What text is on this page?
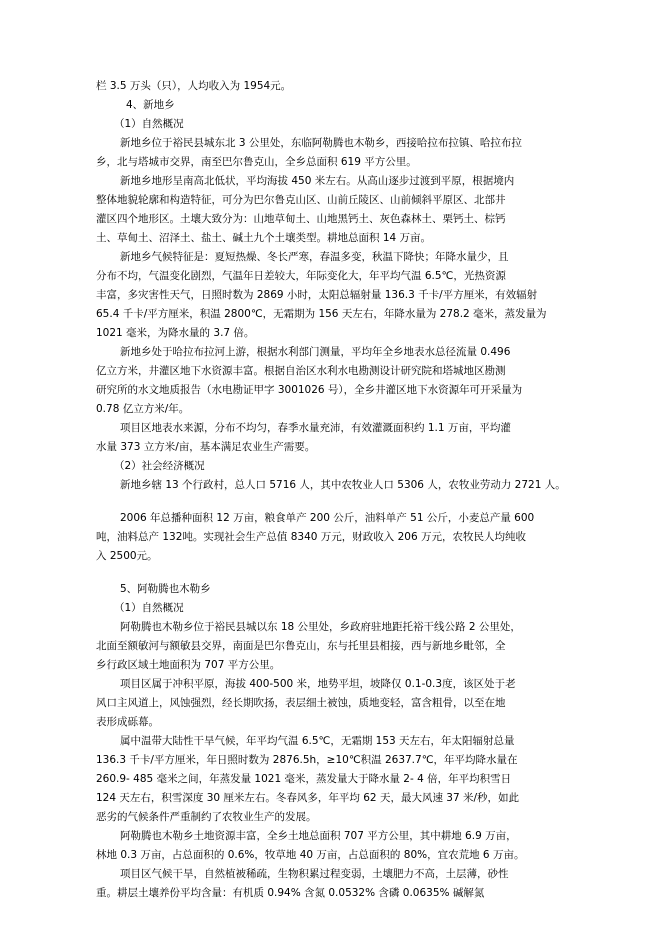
栏 3.5 万头（只），人均收入为 1954元。
4、新地乡
（1）自然概况
新地乡位于裕民县城东北 3 公里处，东临阿勒腾也木勒乡，西接哈拉布拉镇、哈拉布拉
乡，北与塔城市交界，南至巴尔鲁克山，全乡总面积 619 平方公里。
新地乡地形呈南高北低状，平均海拔 450 米左右。从高山逐步过渡到平原，根据境内
整体地貌轮廓和构造特征，可分为巴尔鲁克山区、山前丘陵区、山前倾斜平原区、北部井
灌区四个地形区。土壤大致分为：山地草甸土、山地黑钙土、灰色森林土、栗钙土、棕钙
土、草甸土、沼泽土、盐土、碱土九个土壤类型。耕地总面积 14 万亩。
新地乡气候特征是：夏短热燥、冬长严寒，春温多变，秋温下降快；年降水量少，且
分布不均，气温变化剧烈，气温年日差较大，年际变化大，年平均气温 6.5℃，光热资源
丰富，多灾害性天气，日照时数为 2869 小时，太阳总辐射量 136.3 千卡/平方厘米，有效辐射
65.4 千卡/平方厘米，积温 2800℃，无霜期为 156 天左右，年降水量为 278.2 毫米，蒸发量为
1021 毫米，为降水量的 3.7 倍。
新地乡处于哈拉布拉河上游，根据水利部门测量，平均年全乡地表水总径流量 0.496
亿立方米，井灌区地下水资源丰富。根据自治区水利水电勘测设计研究院和塔城地区勘测
研究所的水文地质报告（水电勘证甲字 3001026 号），全乡井灌区地下水资源年可开采量为
0.78 亿立方米/年。
项目区地表水来源，分布不均匀，春季水量充沛，有效灌溉面积约 1.1 万亩，平均灌
水量 373 立方米/亩，基本满足农业生产需要。
（2）社会经济概况
新地乡辖 13 个行政村，总人口 5716 人，其中农牧业人口 5306 人，农牧业劳动力 2721 人。
2006 年总播种面积 12 万亩，粮食单产 200 公斤，油料单产 51 公斤，小麦总产量 600
吨，油料总产 132吨。实现社会生产总值 8340 万元，财政收入 206 万元，农牧民人均纯收
入 2500元。
5、阿勒腾也木勒乡
（1）自然概况
阿勒腾也木勒乡位于裕民县城以东 18 公里处，乡政府驻地距托裕干线公路 2 公里处，
北面至额敏河与额敏县交界，南面是巴尔鲁克山，东与托里县相接，西与新地乡毗邻，全
乡行政区域土地面积为 707 平方公里。
项目区属于冲积平原，海拔 400-500 米，地势平坦，坡降仅 0.1-0.3度，该区处于老
风口主风道上，风蚀强烈，经长期吹扬，表层细土被蚀，质地变轻，富含粗骨，以至在地
表形成砾幕。
属中温带大陆性干旱气候，年平均气温 6.5℃，无霜期 153 天左右，年太阳辐射总量
136.3 千卡/平方厘米，年日照时数为 2876.5h，≥10℃积温 2637.7℃，年平均降水量在
260.9- 485 毫米之间，年蒸发量 1021 毫米，蒸发量大于降水量 2- 4 倍，年平均积雪日
124 天左右，积雪深度 30 厘米左右。冬春风多，年平均 62 天，最大风速 37 米/秒，如此
恶劣的气候条件严重制约了农牧业生产的发展。
阿勒腾也木勒乡土地资源丰富，全乡土地总面积 707 平方公里，其中耕地 6.9 万亩，
林地 0.3 万亩，占总面积的 0.6%，牧草地 40 万亩，占总面积的 80%，宜农荒地 6 万亩。
项目区气候干旱，自然植被稀疏，生物积累过程变弱，土壤肥力不高，土层薄，砂性
重。耕层土壤养份平均含量：有机质 0.94% 含氮 0.0532% 含磷 0.0635% 碱解氮
